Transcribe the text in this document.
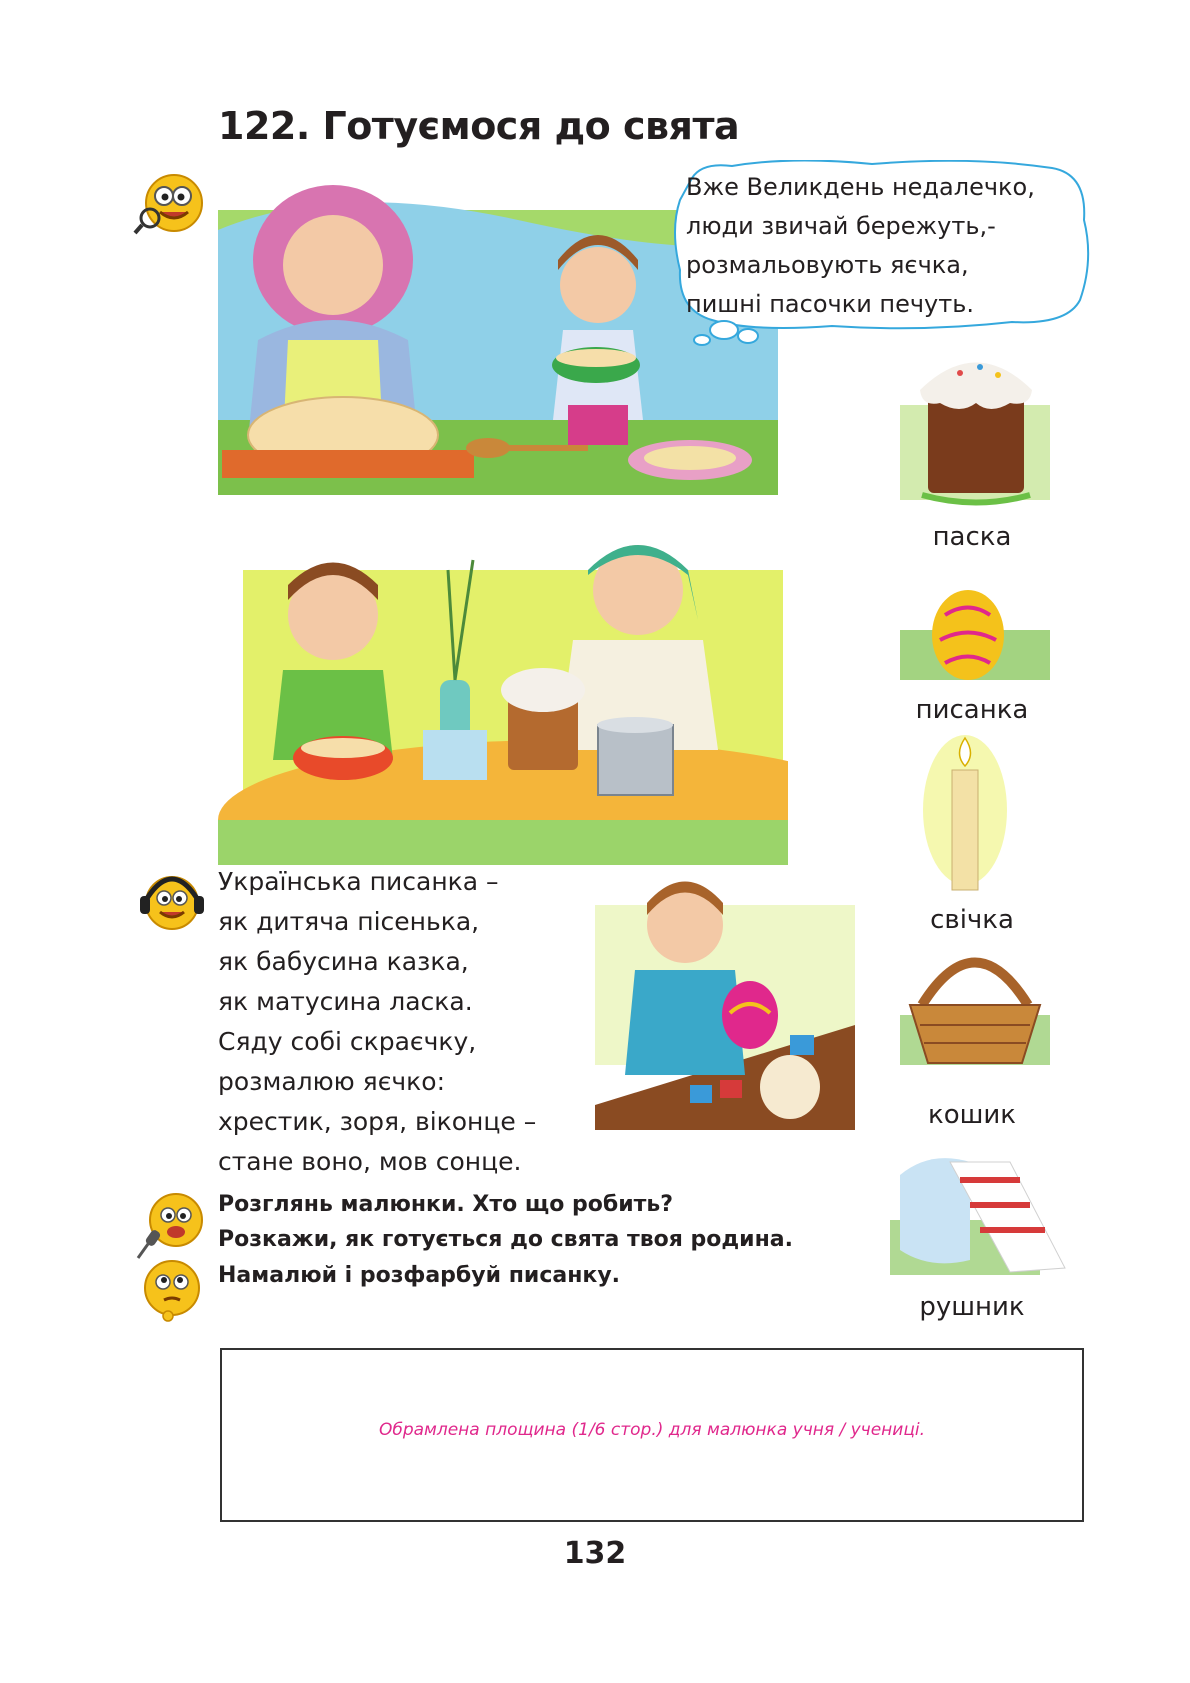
122. Готуємося до свята
Вже Великдень недалечко,
люди звичай бережуть,-
розмальовують яєчка,
пишні пасочки печуть.
паска
писанка
свічка
кошик
рушник
Українська писанка –
як дитяча пісенька,
як бабусина казка,
як матусина ласка.
Сяду собі скраєчку,
розмалюю яєчко:
хрестик, зоря, віконце –
стане воно, мов сонце.
Розглянь малюнки. Хто що робить?
Розкажи, як готується до свята твоя родина.
Намалюй і розфарбуй писанку.
Обрамлена площина (1/6 стор.) для малюнка учня / учениці.
132
